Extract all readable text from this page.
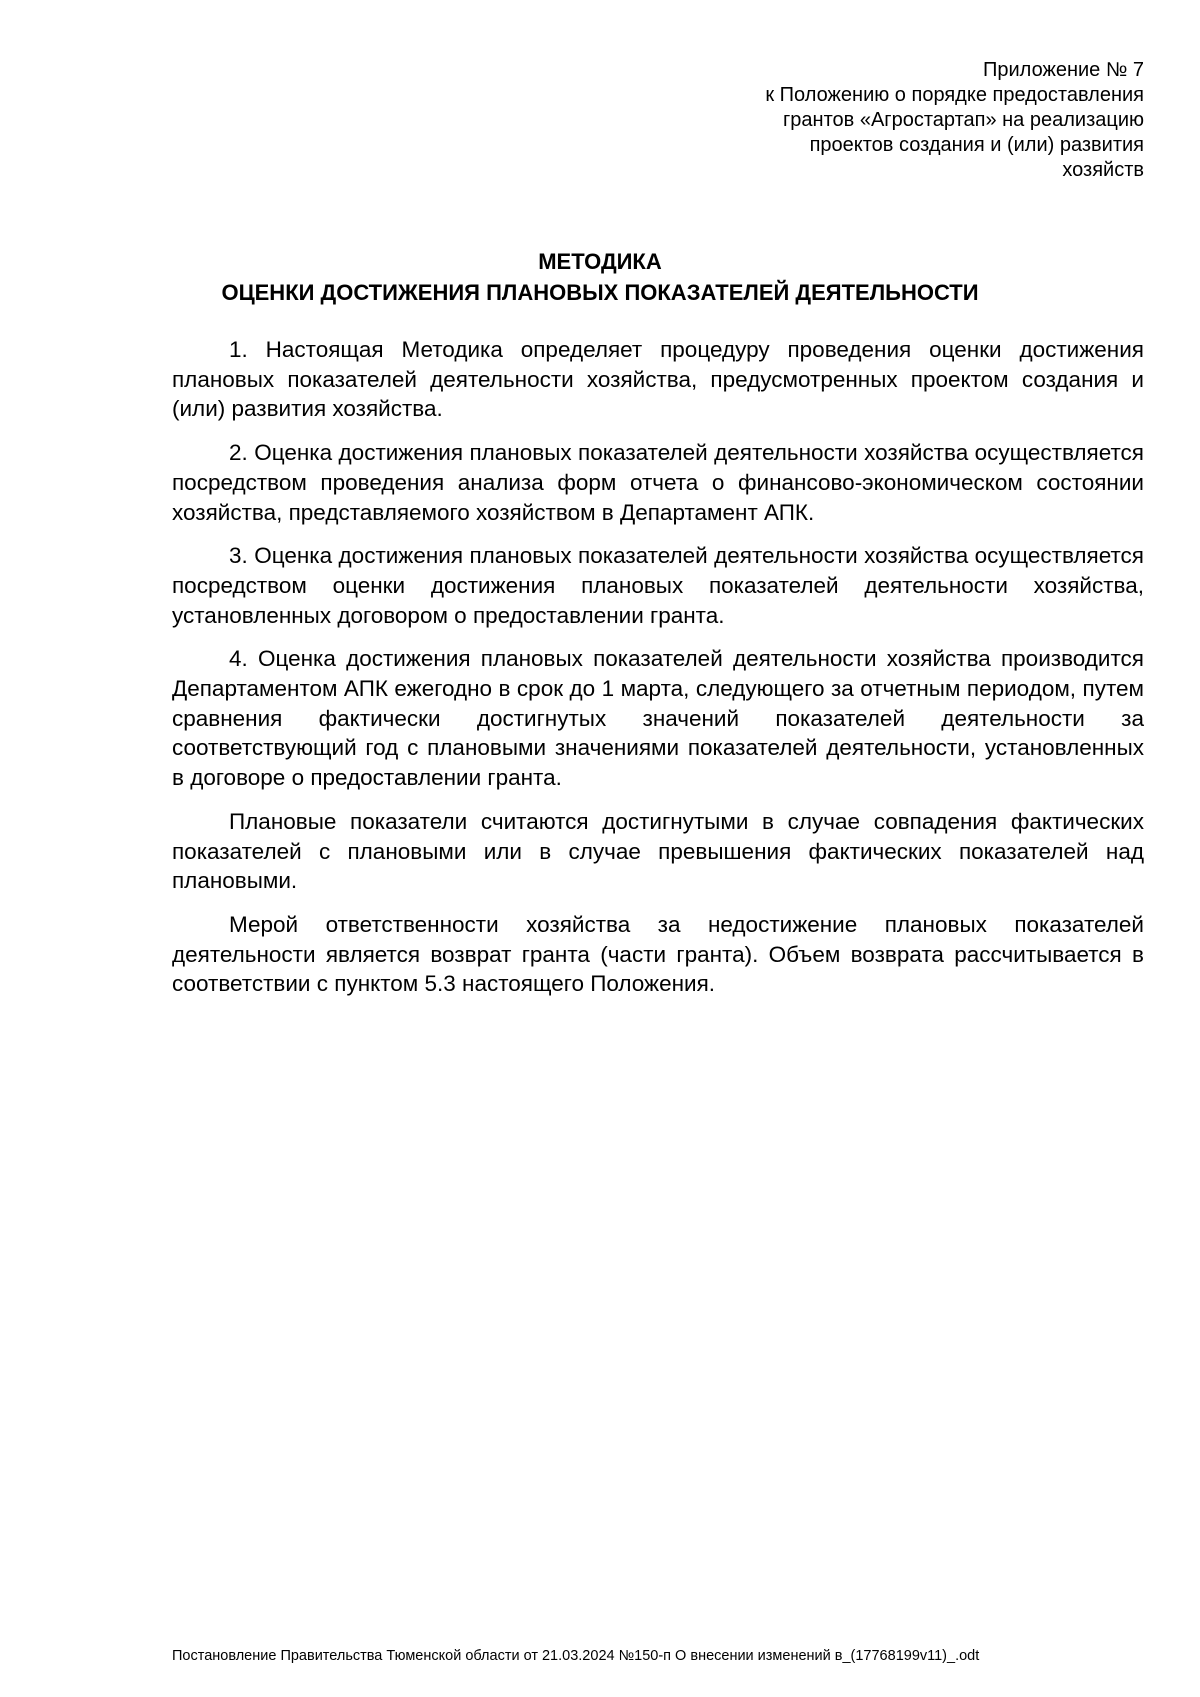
Приложение № 7
к Положению о порядке предоставления
грантов «Агростартап» на реализацию
проектов создания и (или) развития
хозяйств
МЕТОДИКА
ОЦЕНКИ ДОСТИЖЕНИЯ ПЛАНОВЫХ ПОКАЗАТЕЛЕЙ ДЕЯТЕЛЬНОСТИ

1. Настоящая Методика определяет процедуру проведения оценки достижения плановых показателей деятельности хозяйства, предусмотренных проектом создания и (или) развития хозяйства.

2. Оценка достижения плановых показателей деятельности хозяйства осуществляется посредством проведения анализа форм отчета о финансово-экономическом состоянии хозяйства, представляемого хозяйством в Департамент АПК.

3. Оценка достижения плановых показателей деятельности хозяйства осуществляется посредством оценки достижения плановых показателей деятельности хозяйства, установленных договором о предоставлении гранта.

4. Оценка достижения плановых показателей деятельности хозяйства производится Департаментом АПК ежегодно в срок до 1 марта, следующего за отчетным периодом, путем сравнения фактически достигнутых значений показателей деятельности за соответствующий год с плановыми значениями показателей деятельности, установленных в договоре о предоставлении гранта.

Плановые показатели считаются достигнутыми в случае совпадения фактических показателей с плановыми или в случае превышения фактических показателей над плановыми.

Мерой ответственности хозяйства за недостижение плановых показателей деятельности является возврат гранта (части гранта). Объем возврата рассчитывается в соответствии с пунктом 5.3 настоящего Положения.

Постановление Правительства Тюменской области от 21.03.2024 №150-п О внесении изменений в_(17768199v11)_.odt
